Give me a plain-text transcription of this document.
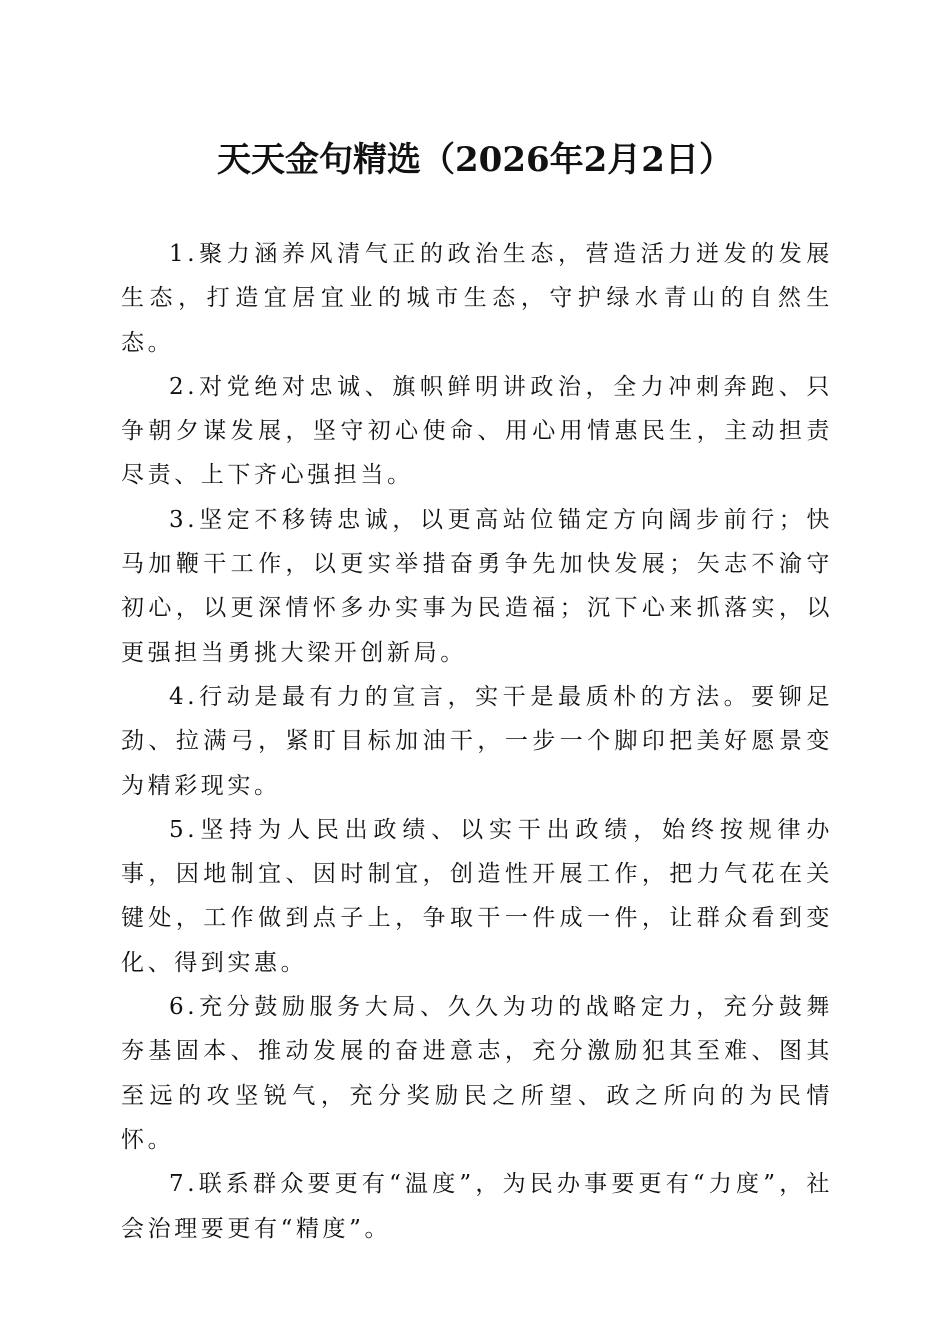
天天金句精选（2026年2月2日）

1.聚力涵养风清气正的政治生态，营造活力迸发的发展生态，打造宜居宜业的城市生态，守护绿水青山的自然生态。

2.对党绝对忠诚、旗帜鲜明讲政治，全力冲刺奔跑、只争朝夕谋发展，坚守初心使命、用心用情惠民生，主动担责尽责、上下齐心强担当。

3.坚定不移铸忠诚，以更高站位锚定方向阔步前行；快马加鞭干工作，以更实举措奋勇争先加快发展；矢志不渝守初心，以更深情怀多办实事为民造福；沉下心来抓落实，以更强担当勇挑大梁开创新局。

4.行动是最有力的宣言，实干是最质朴的方法。要铆足劲、拉满弓，紧盯目标加油干，一步一个脚印把美好愿景变为精彩现实。

5.坚持为人民出政绩、以实干出政绩，始终按规律办事，因地制宜、因时制宜，创造性开展工作，把力气花在关键处，工作做到点子上，争取干一件成一件，让群众看到变化、得到实惠。

6.充分鼓励服务大局、久久为功的战略定力，充分鼓舞夯基固本、推动发展的奋进意志，充分激励犯其至难、图其至远的攻坚锐气，充分奖励民之所望、政之所向的为民情怀。

7.联系群众要更有“温度”，为民办事要更有“力度”，社会治理要更有“精度”。
